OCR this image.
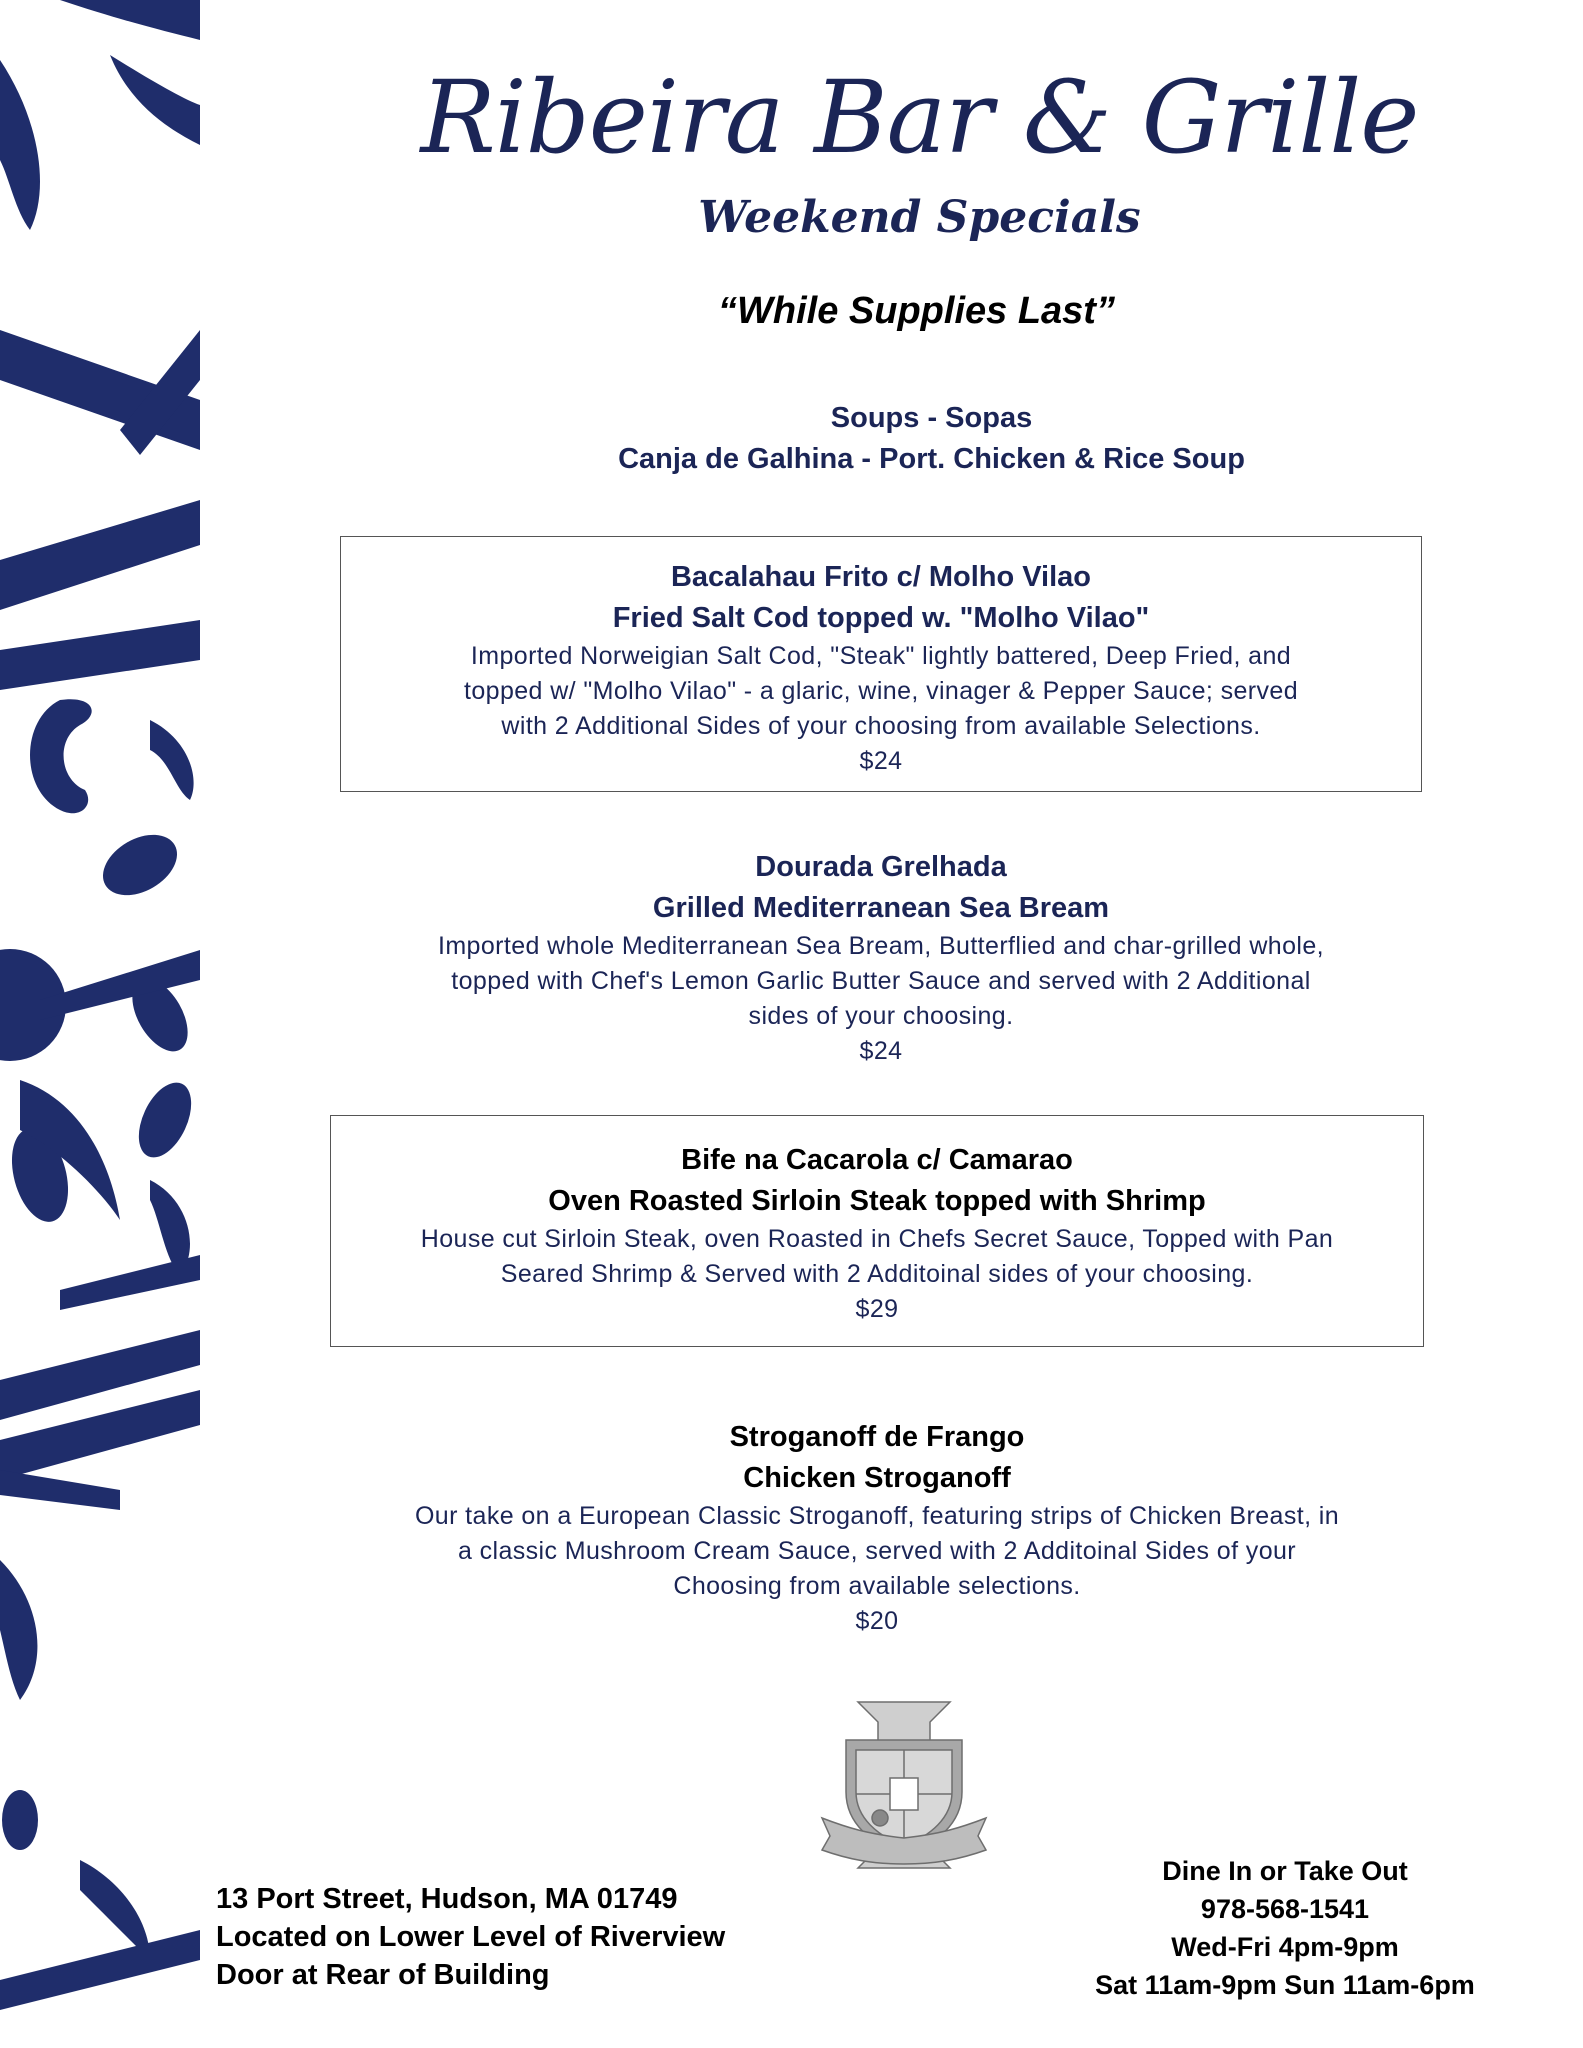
Ribeira Bar & Grille
Weekend Specials
“While Supplies Last”
Soups - Sopas
Canja de Galhina - Port. Chicken & Rice Soup
Bacalahau Frito c/ Molho Vilao
Fried Salt Cod topped w. "Molho Vilao"
Imported Norweigian Salt Cod, "Steak" lightly battered, Deep Fried, and
topped w/ "Molho Vilao" - a glaric, wine, vinager & Pepper Sauce; served
with 2 Additional Sides of your choosing from available Selections.
$24
Dourada Grelhada
Grilled Mediterranean Sea Bream
Imported whole Mediterranean Sea Bream, Butterflied and char-grilled whole,
topped with Chef's Lemon Garlic Butter Sauce and served with 2 Additional
sides of your choosing.
$24
Bife na Cacarola c/ Camarao
Oven Roasted Sirloin Steak topped with Shrimp
House cut Sirloin Steak, oven Roasted in Chefs Secret Sauce, Topped with Pan
Seared Shrimp & Served with 2 Additoinal sides of your choosing.
$29
Stroganoff de Frango
Chicken Stroganoff
Our take on a European Classic Stroganoff, featuring strips of Chicken Breast, in
a classic Mushroom Cream Sauce, served with 2 Additoinal Sides of your
Choosing from available selections.
$20
13 Port Street, Hudson, MA 01749
Located on Lower Level of Riverview
Door at Rear of Building
Dine In or Take Out
978-568-1541
Wed-Fri 4pm-9pm
Sat 11am-9pm Sun 11am-6pm
